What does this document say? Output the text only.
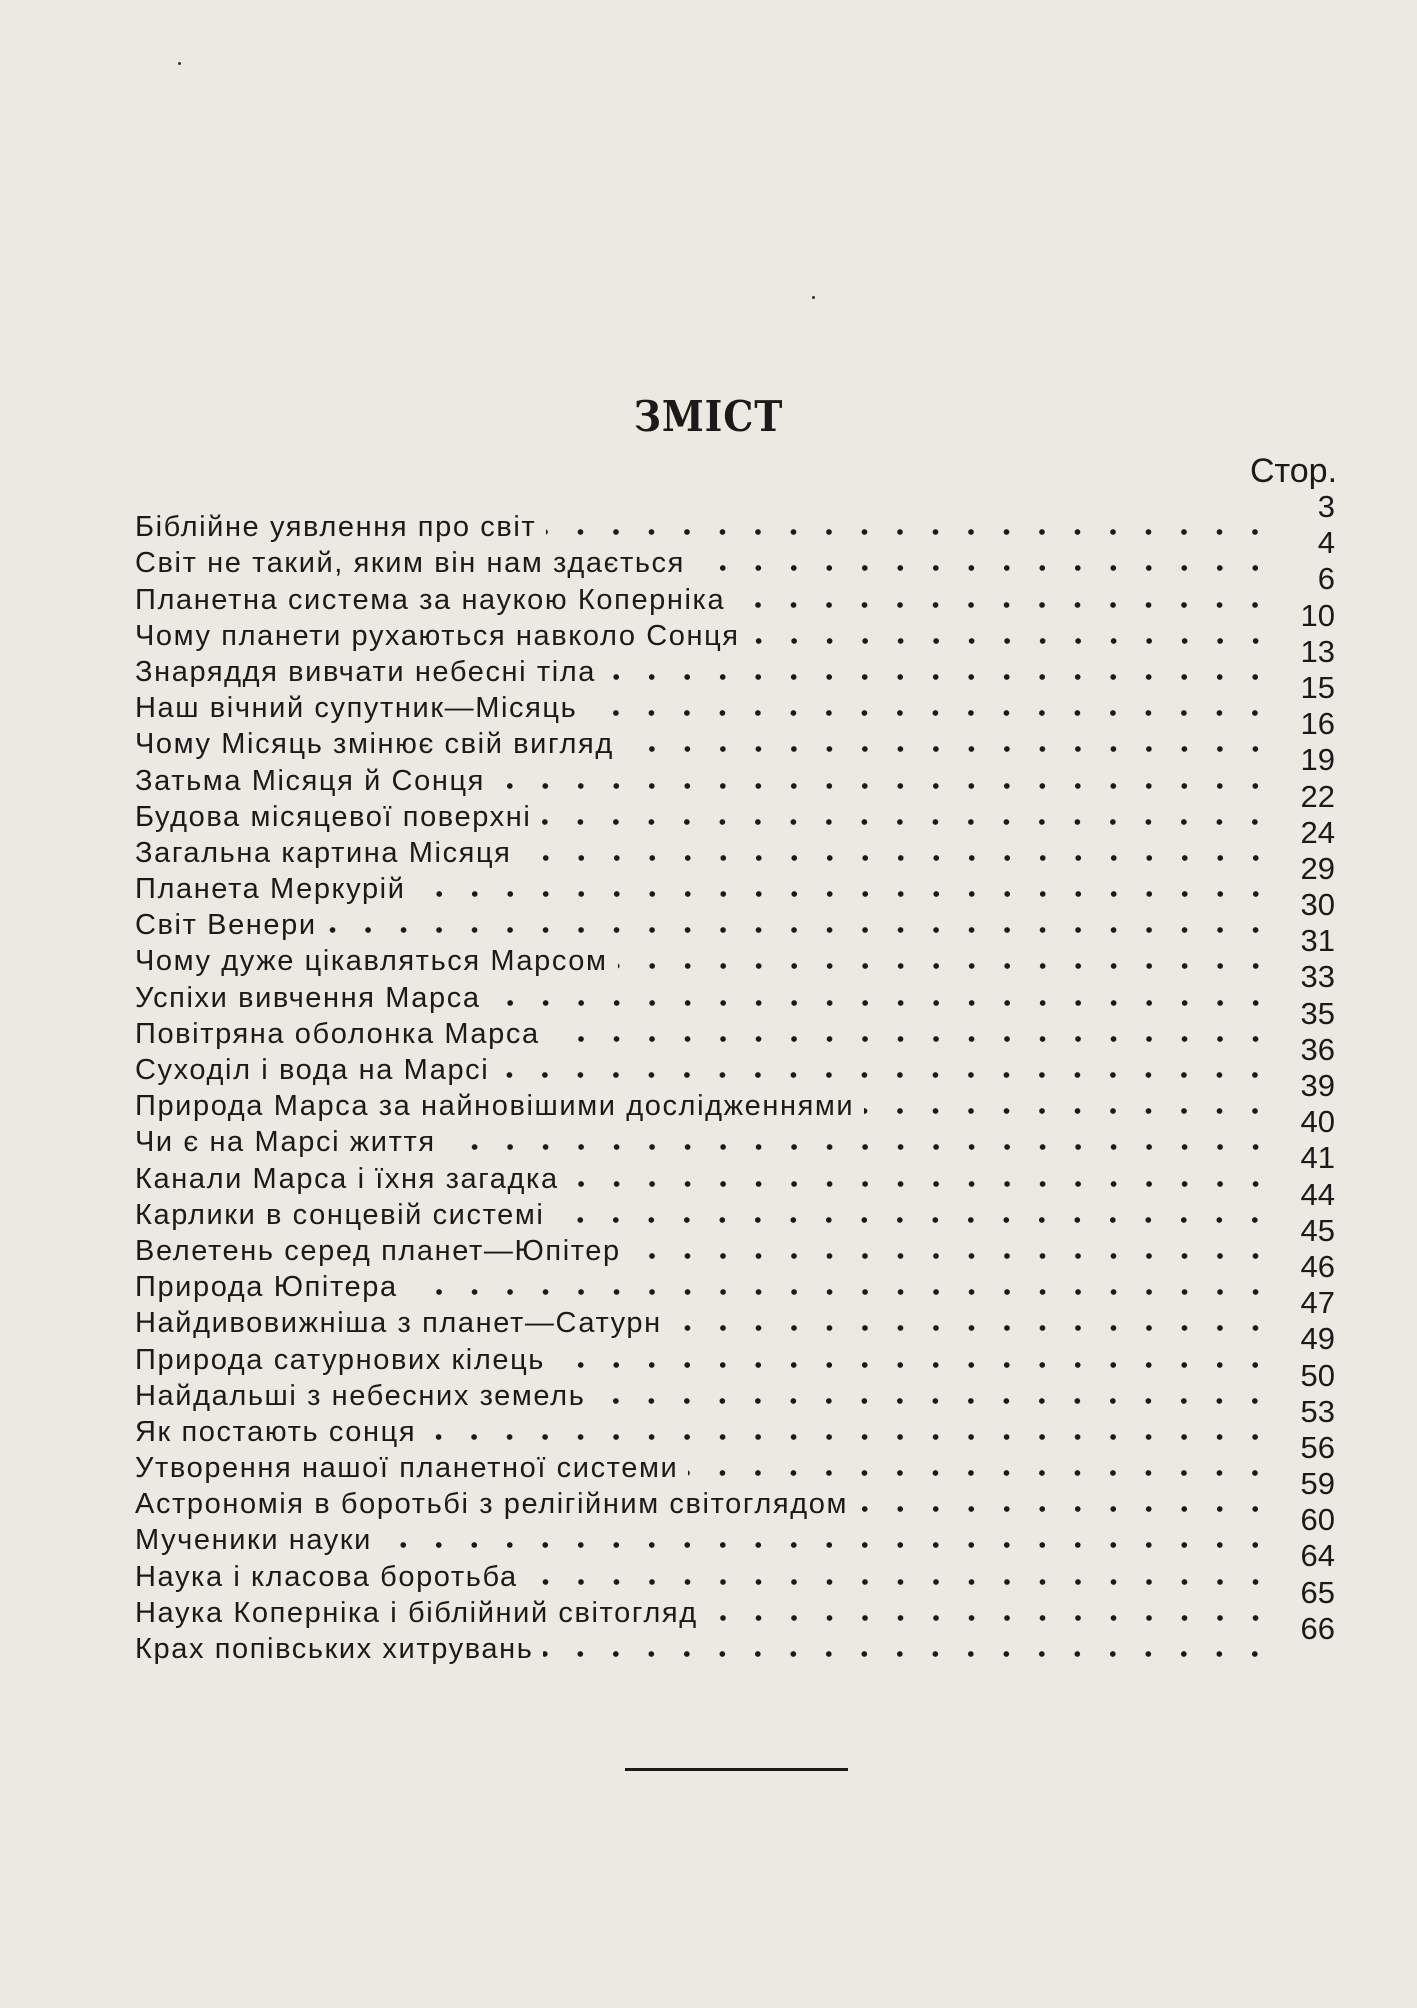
ЗМІСТ
Стор.
Біблійне уявлення про світ
3
Світ не такий, яким він нам здається
4
Планетна система за наукою Коперніка
6
Чому планети рухаються навколо Сонця
10
Знаряддя вивчати небесні тіла
13
Наш вічний супутник—Місяць
15
Чому Місяць змінює свій вигляд
16
Затьма Місяця й Сонця
19
Будова місяцевої поверхні
22
Загальна картина Місяця
24
Планета Меркурій
29
Світ Венери
30
Чому дуже цікавляться Марсом
31
Успіхи вивчення Марса
33
Повітряна оболонка Марса
35
Суходіл і вода на Марсі
36
Природа Марса за найновішими дослідженнями
39
Чи є на Марсі життя
40
Канали Марса і їхня загадка
41
Карлики в сонцевій системі
44
Велетень серед планет—Юпітер
45
Природа Юпітера
46
Найдивовижніша з планет—Сатурн
47
Природа сатурнових кілець
49
Найдальші з небесних земель
50
Як постають сонця
53
Утворення нашої планетної системи
56
Астрономія в боротьбі з релігійним світоглядом
59
Мученики науки
60
Наука і класова боротьба
64
Наука Коперніка і біблійний світогляд
65
Крах попівських хитрувань
66
